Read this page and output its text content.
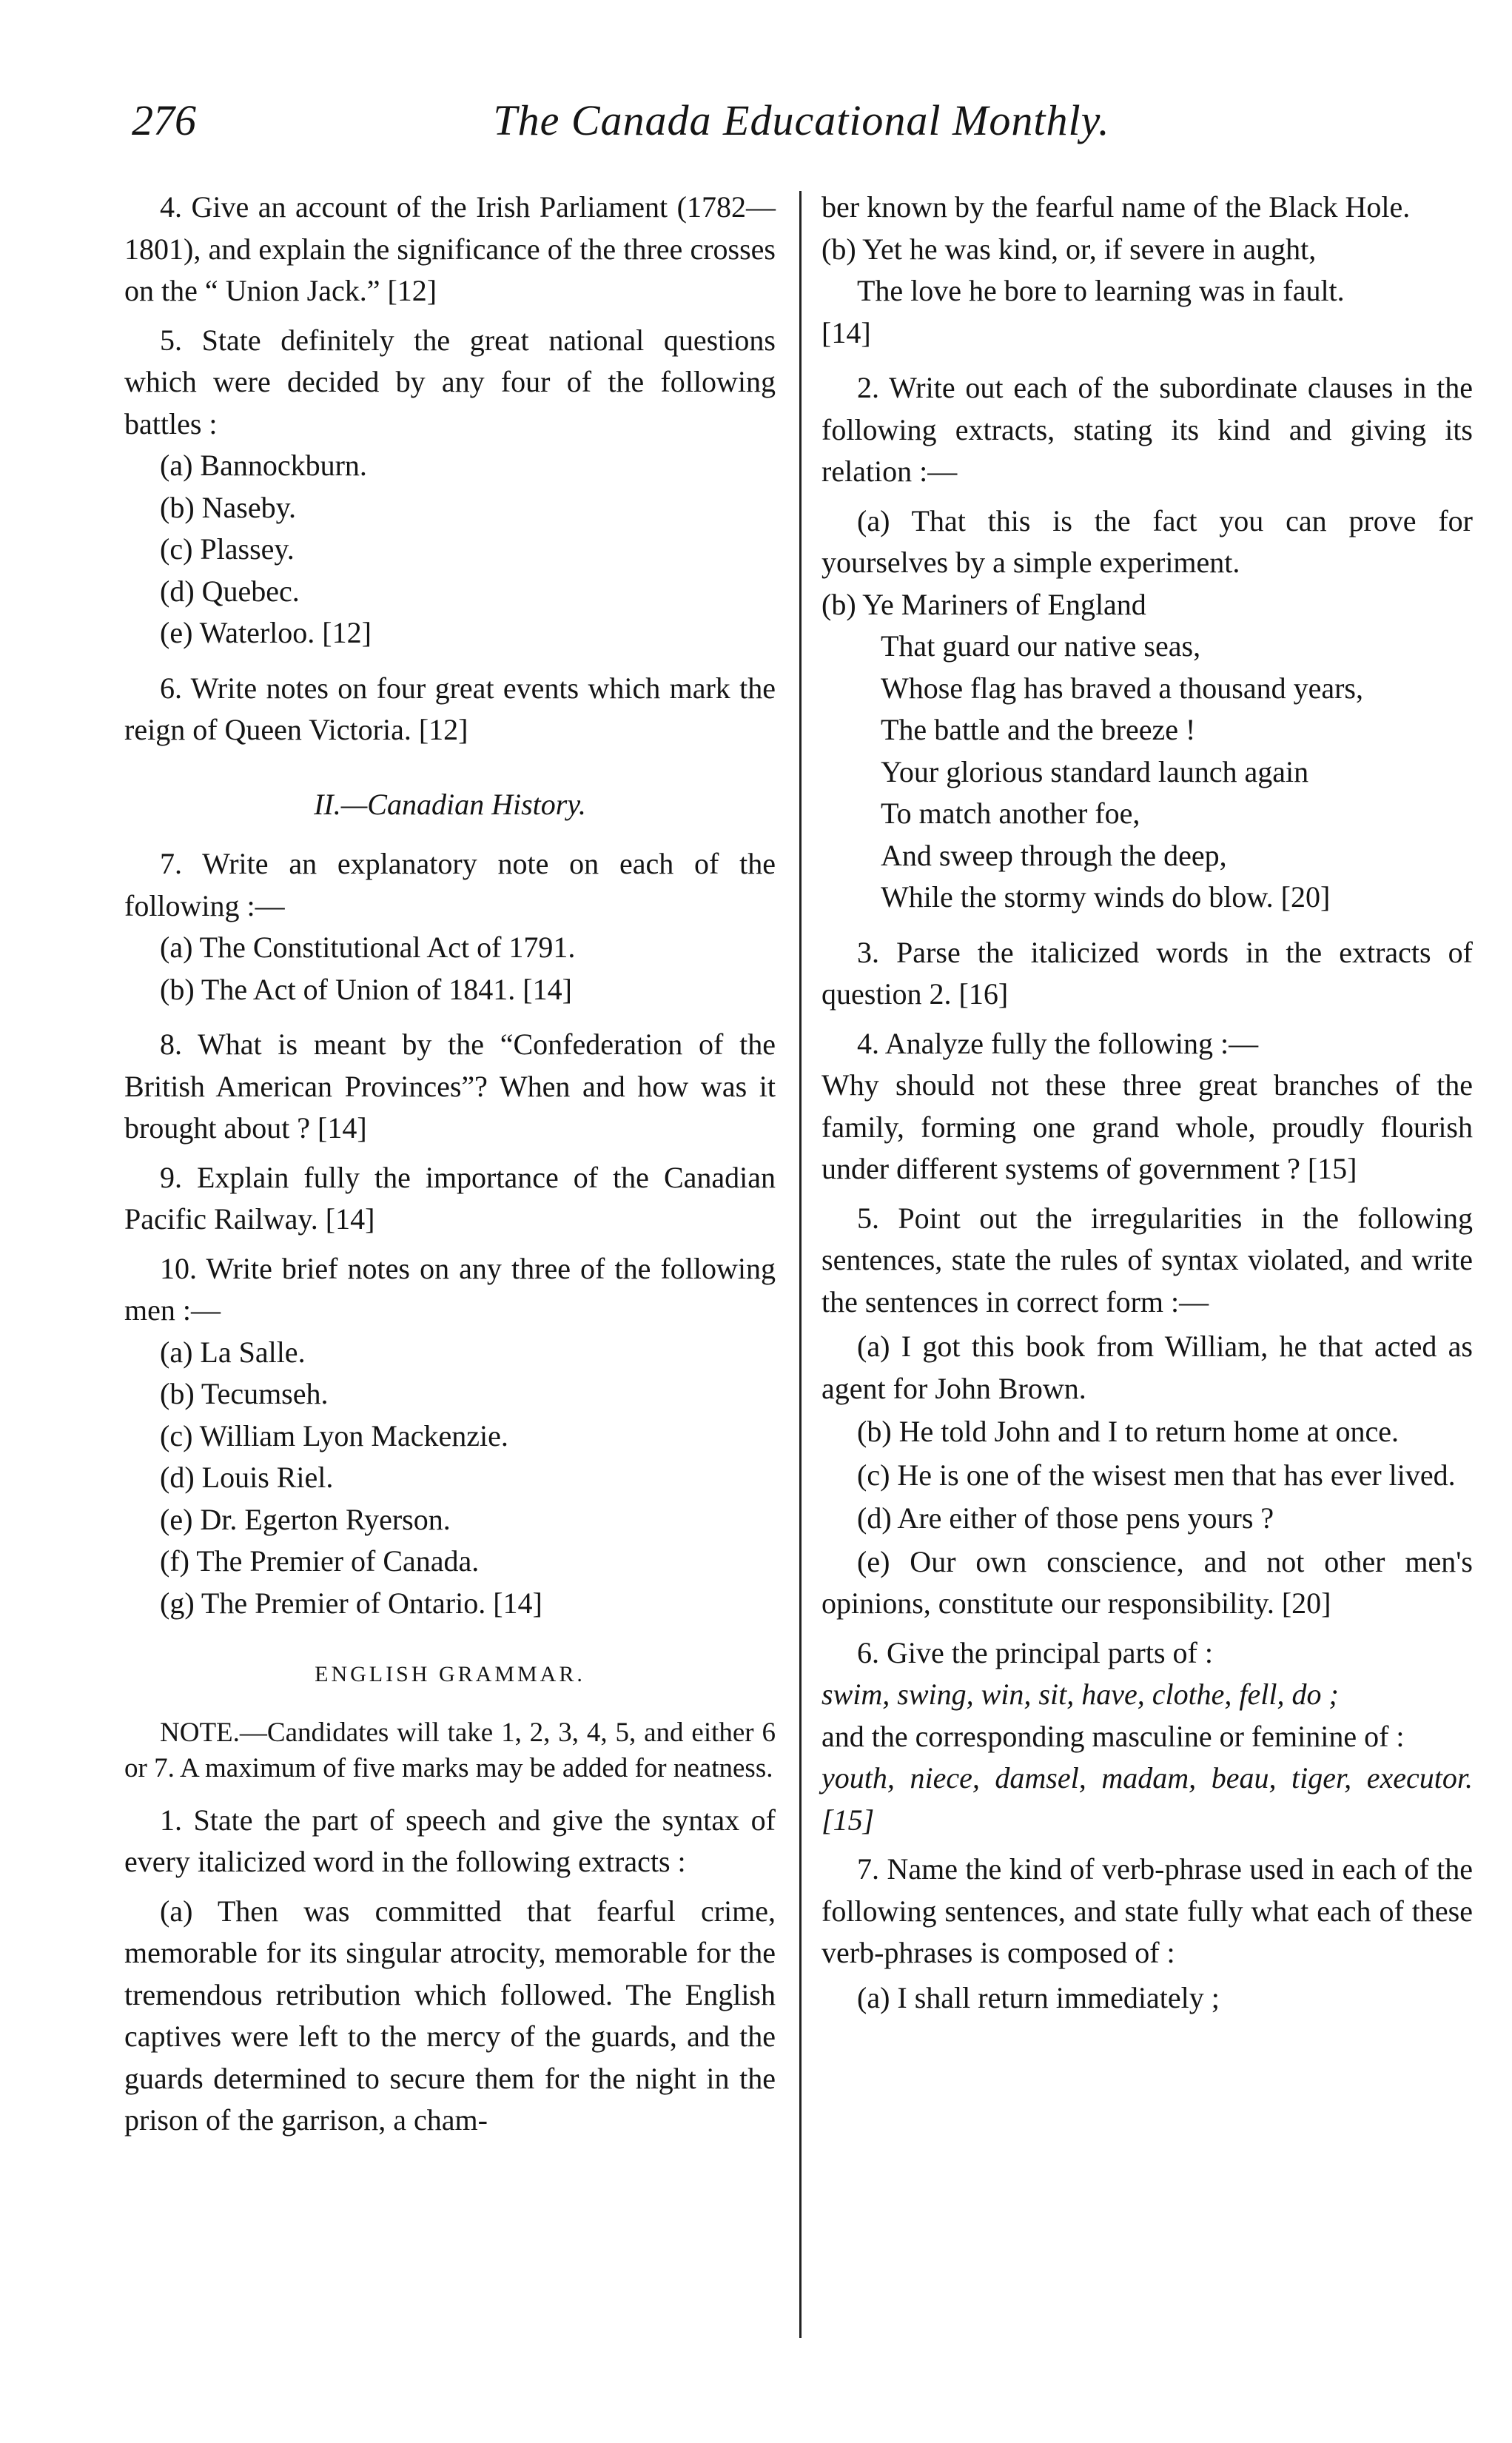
276	The Canada Educational Monthly.

4. Give an account of the Irish Parliament (1782—1801), and explain the significance of the three crosses on the “ Union Jack.” [12]

5. State definitely the great national questions which were decided by any four of the following battles :

(a) Bannockburn.

(b) Naseby.

(c) Plassey.

(d) Quebec.

(e) Waterloo. [12]

6. Write notes on four great events which mark the reign of Queen Victoria. [12]

II.—Canadian History.

7. Write an explanatory note on each of the following :—

(a) The Constitutional Act of 1791.

(b) The Act of Union of 1841. [14]

8. What is meant by the “Confederation of the British American Provinces”? When and how was it brought about ? [14]

9. Explain fully the importance of the Canadian Pacific Railway. [14]

10. Write brief notes on any three of the following men :—

(a) La Salle.

(b) Tecumseh.

(c) William Lyon Mackenzie.

(d) Louis Riel.

(e) Dr. Egerton Ryerson.

(f) The Premier of Canada.

(g) The Premier of Ontario. [14]

ENGLISH GRAMMAR.

NOTE.—Candidates will take 1, 2, 3, 4, 5, and either 6 or 7. A maximum of five marks may be added for neatness.

1. State the part of speech and give the syntax of every italicized word in the following extracts :

(a) Then was committed that fearful crime, memorable for its singular atrocity, memorable for the tremendous retribution which followed. The English captives were left to the mercy of the guards, and the guards determined to secure them for the night in the prison of the garrison, a cham-

ber known by the fearful name of the Black Hole.

(b) Yet he was kind, or, if severe in aught,

The love he bore to learning was in fault.

[14]

2. Write out each of the subordinate clauses in the following extracts, stating its kind and giving its relation :—

(a) That this is the fact you can prove for yourselves by a simple experiment.

(b) Ye Mariners of England

That guard our native seas,

Whose flag has braved a thousand years,

The battle and the breeze !

Your glorious standard launch again

To match another foe,

And sweep through the deep,

While the stormy winds do blow. [20]

3. Parse the italicized words in the extracts of question 2. [16]

4. Analyze fully the following :—

Why should not these three great branches of the family, forming one grand whole, proudly flourish under different systems of government ? [15]

5. Point out the irregularities in the following sentences, state the rules of syntax violated, and write the sentences in correct form :—

(a) I got this book from William, he that acted as agent for John Brown.

(b) He told John and I to return home at once.

(c) He is one of the wisest men that has ever lived.

(d) Are either of those pens yours ?

(e) Our own conscience, and not other men's opinions, constitute our responsibility. [20]

6. Give the principal parts of :

swim, swing, win, sit, have, clothe, fell, do ;

and the corresponding masculine or feminine of :

youth, niece, damsel, madam, beau, tiger, executor. [15]

7. Name the kind of verb-phrase used in each of the following sentences, and state fully what each of these verb-phrases is composed of :

(a) I shall return immediately ;
